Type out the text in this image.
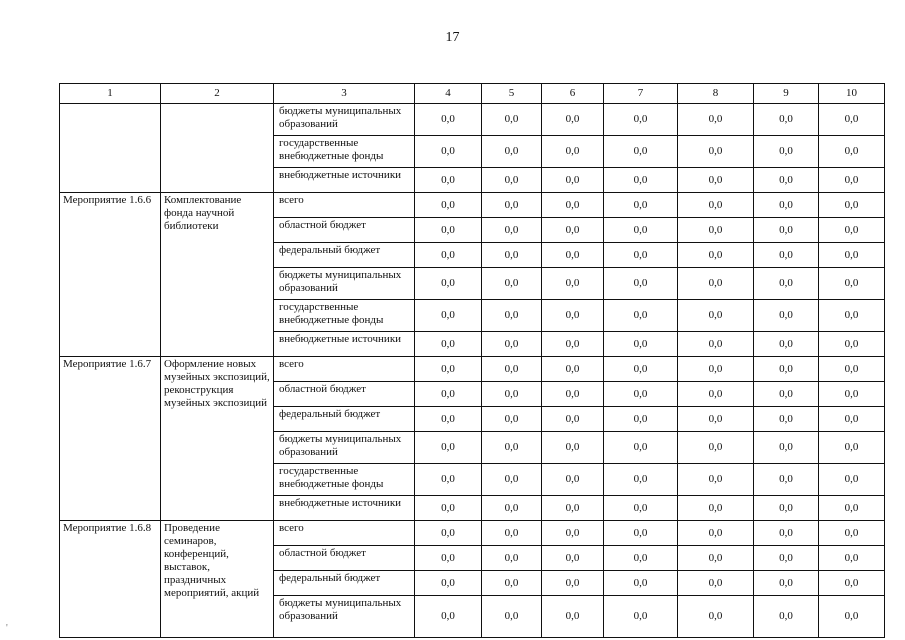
17
1	2	3	4	5	6	7	8	9	10
		бюджеты муниципальных образований	0,0	0,0	0,0	0,0	0,0	0,0	0,0
		государственные внебюджетные фонды	0,0	0,0	0,0	0,0	0,0	0,0	0,0
		внебюджетные источники	0,0	0,0	0,0	0,0	0,0	0,0	0,0
Мероприятие 1.6.6	Комплектование фонда научной библиотеки	всего	0,0	0,0	0,0	0,0	0,0	0,0	0,0
		областной бюджет	0,0	0,0	0,0	0,0	0,0	0,0	0,0
		федеральный бюджет	0,0	0,0	0,0	0,0	0,0	0,0	0,0
		бюджеты муниципальных образований	0,0	0,0	0,0	0,0	0,0	0,0	0,0
		государственные внебюджетные фонды	0,0	0,0	0,0	0,0	0,0	0,0	0,0
		внебюджетные источники	0,0	0,0	0,0	0,0	0,0	0,0	0,0
Мероприятие 1.6.7	Оформление новых музейных экспозиций, реконструкция музейных экспозиций	всего	0,0	0,0	0,0	0,0	0,0	0,0	0,0
		областной бюджет	0,0	0,0	0,0	0,0	0,0	0,0	0,0
		федеральный бюджет	0,0	0,0	0,0	0,0	0,0	0,0	0,0
		бюджеты муниципальных образований	0,0	0,0	0,0	0,0	0,0	0,0	0,0
		государственные внебюджетные фонды	0,0	0,0	0,0	0,0	0,0	0,0	0,0
		внебюджетные источники	0,0	0,0	0,0	0,0	0,0	0,0	0,0
Мероприятие 1.6.8	Проведение семинаров, конференций, выставок, праздничных мероприятий, акций	всего	0,0	0,0	0,0	0,0	0,0	0,0	0,0
		областной бюджет	0,0	0,0	0,0	0,0	0,0	0,0	0,0
		федеральный бюджет	0,0	0,0	0,0	0,0	0,0	0,0	0,0
		бюджеты муниципальных образований	0,0	0,0	0,0	0,0	0,0	0,0	0,0
'
